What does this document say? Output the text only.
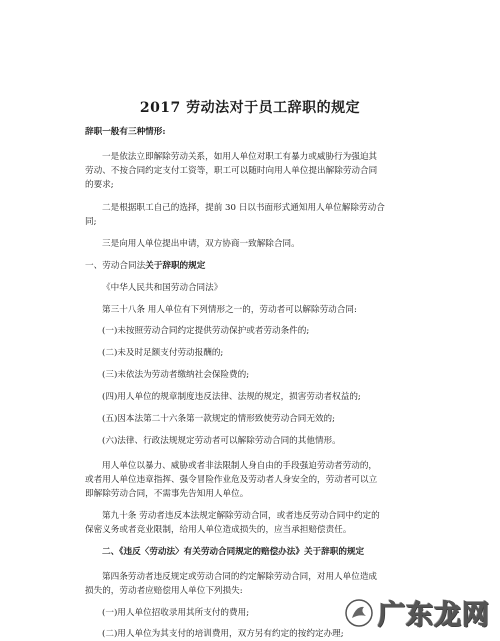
2017 劳动法对于员工辞职的规定
辞职一般有三种情形:
一是依法立即解除劳动关系，如用人单位对职工有暴力或威胁行为强迫其
劳动、不按合同约定支付工资等，职工可以随时向用人单位提出解除劳动合同
的要求;
二是根据职工自己的选择，提前 30 日以书面形式通知用人单位解除劳动合
同;
三是向用人单位提出申请，双方协商一致解除合同。
一、劳动合同法关于辞职的规定
《中华人民共和国劳动合同法》
第三十八条 用人单位有下列情形之一的，劳动者可以解除劳动合同:
(一)未按照劳动合同约定提供劳动保护或者劳动条件的;
(二)未及时足额支付劳动报酬的;
(三)未依法为劳动者缴纳社会保险费的;
(四)用人单位的规章制度违反法律、法规的规定，损害劳动者权益的;
(五)因本法第二十六条第一款规定的情形致使劳动合同无效的;
(六)法律、行政法规规定劳动者可以解除劳动合同的其他情形。
用人单位以暴力、威胁或者非法限制人身自由的手段强迫劳动者劳动的，
或者用人单位违章指挥、强令冒险作业危及劳动者人身安全的，劳动者可以立
即解除劳动合同，不需事先告知用人单位。
第九十条 劳动者违反本法规定解除劳动合同，或者违反劳动合同中约定的
保密义务或者竞业限制，给用人单位造成损失的，应当承担赔偿责任。
二、《违反〈劳动法〉有关劳动合同规定的赔偿办法》关于辞职的规定
第四条劳动者违反规定或劳动合同的约定解除劳动合同，对用人单位造成
损失的，劳动者应赔偿用人单位下列损失:
(一)用人单位招收录用其所支付的费用;
(二)用人单位为其支付的培训费用，双方另有约定的按约定办理;
广东龙网
